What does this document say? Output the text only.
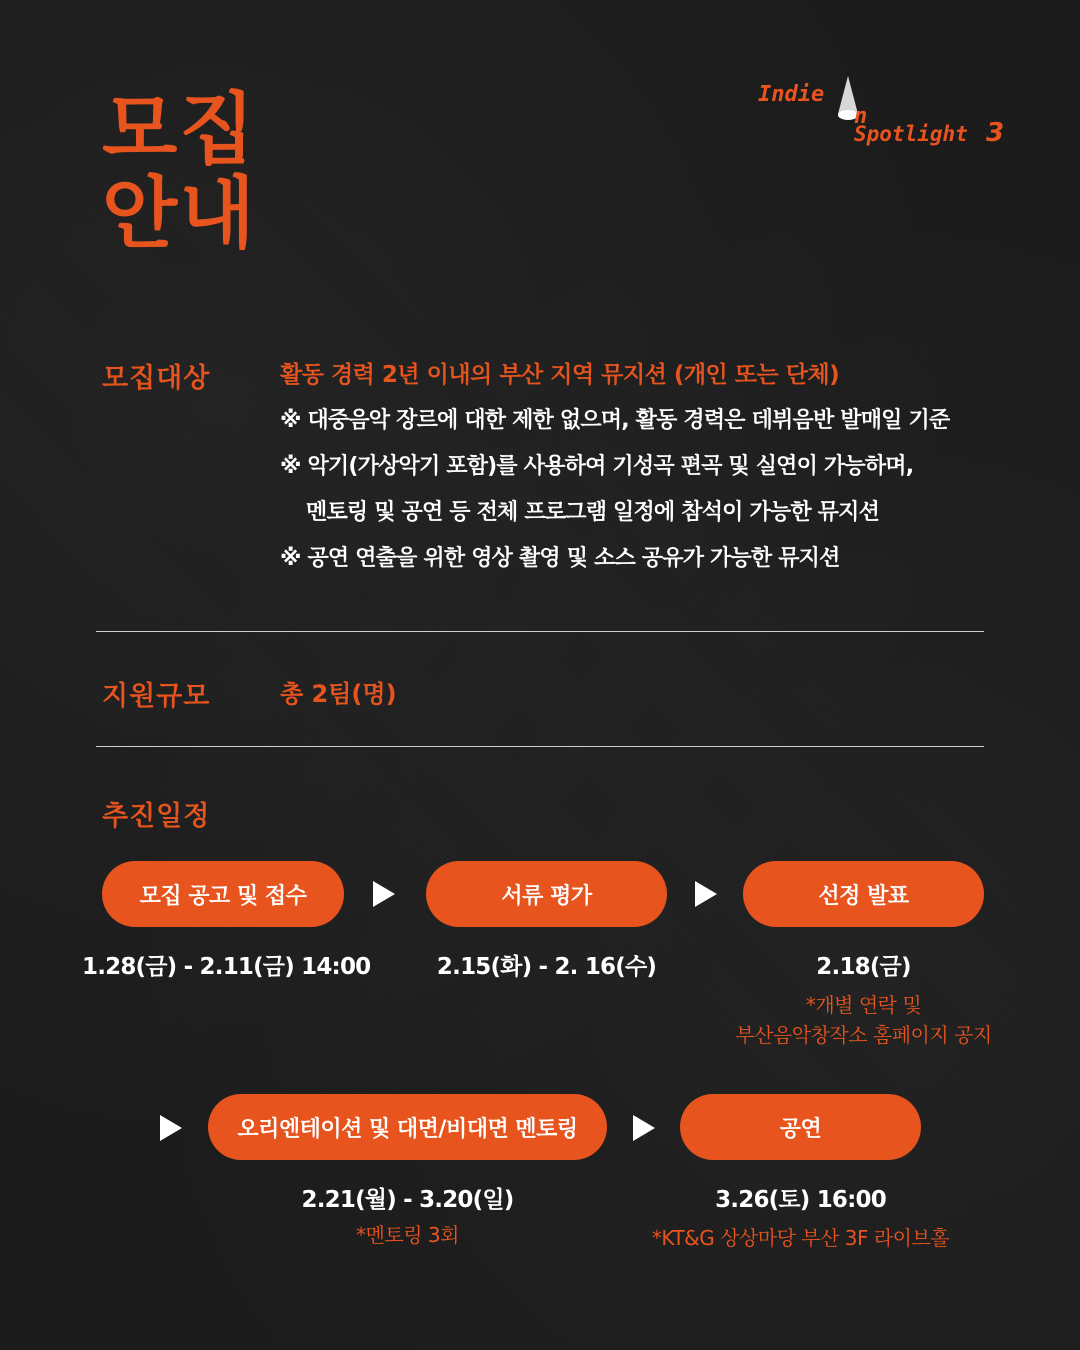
모집
안내
Indie
n
Spotlight 3
모집대상	활동 경력 2년 이내의 부산 지역 뮤지션 (개인 또는 단체)
※ 대중음악 장르에 대한 제한 없으며, 활동 경력은 데뷔음반 발매일 기준
※ 악기(가상악기 포함)를 사용하여 기성곡 편곡 및 실연이 가능하며,
멘토링 및 공연 등 전체 프로그램 일정에 참석이 가능한 뮤지션
※ 공연 연출을 위한 영상 촬영 및 소스 공유가 가능한 뮤지션
지원규모	총 2팀(명)
추진일정
모집 공고 및 접수	서류 평가	선정 발표
1.28(금) - 2.11(금) 14:00	2.15(화) - 2. 16(수)	2.18(금)
*개별 연락 및
부산음악창작소 홈페이지 공지
오리엔테이션 및 대면/비대면 멘토링	공연
2.21(월) - 3.20(일)
*멘토링 3회
3.26(토) 16:00
*KT&G 상상마당 부산 3F 라이브홀
